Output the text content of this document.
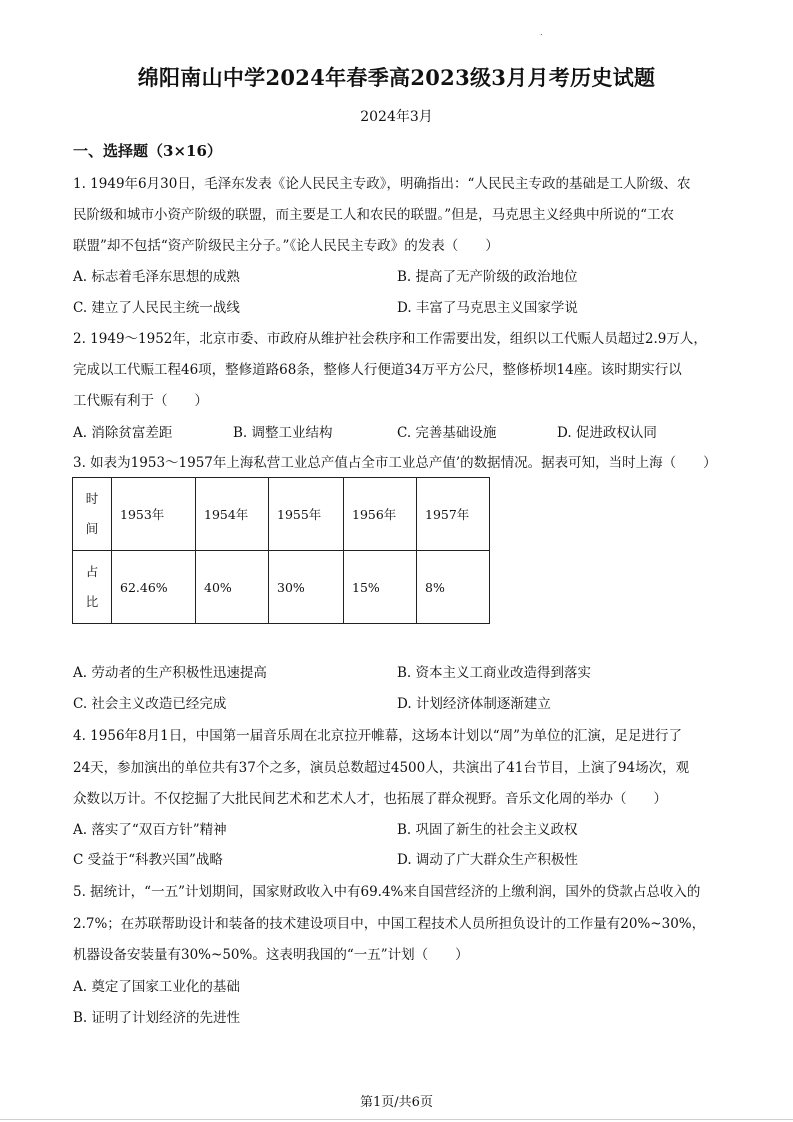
.
绵阳南山中学2024年春季高2023级3月月考历史试题
2024年3月
一、选择题（3×16）
1. 1949年6月30日，毛泽东发表《论人民民主专政》，明确指出：“人民民主专政的基础是工人阶级、农
民阶级和城市小资产阶级的联盟，而主要是工人和农民的联盟。”但是，马克思主义经典中所说的“工农
联盟”却不包括“资产阶级民主分子。”《论人民民主专政》的发表（　　）
A. 标志着毛泽东思想的成熟	B. 提高了无产阶级的政治地位
C. 建立了人民民主统一战线	D. 丰富了马克思主义国家学说
2. 1949～1952年，北京市委、市政府从维护社会秩序和工作需要出发，组织以工代赈人员超过2.9万人，
完成以工代赈工程46项，整修道路68条，整修人行便道34万平方公尺，整修桥坝14座。该时期实行以
工代赈有利于（　　）
A. 消除贫富差距	B. 调整工业结构	C. 完善基础设施	D. 促进政权认同
3. 如表为1953～1957年上海私营工业总产值占全市工业总产值’的数据情况。据表可知，当时上海（　　）
时
间	1953年	1954年	1955年	1956年	1957年

占
比	62.46%	40%	30%	15%	8%
A. 劳动者的生产积极性迅速提高	B. 资本主义工商业改造得到落实
C. 社会主义改造已经完成	D. 计划经济体制逐渐建立
4. 1956年8月1日，中国第一届音乐周在北京拉开帷幕，这场本计划以“周”为单位的汇演，足足进行了
24天，参加演出的单位共有37个之多，演员总数超过4500人，共演出了41台节目，上演了94场次，观
众数以万计。不仅挖掘了大批民间艺术和艺术人才，也拓展了群众视野。音乐文化周的举办（　　）
A. 落实了“双百方针”精神	B. 巩固了新生的社会主义政权
C 受益于“科教兴国”战略	D. 调动了广大群众生产积极性
5. 据统计，“一五”计划期间，国家财政收入中有69.4%来自国营经济的上缴利润，国外的贷款占总收入的
2.7%；在苏联帮助设计和装备的技术建设项目中，中国工程技术人员所担负设计的工作量有20%~30%，
机器设备安装量有30%~50%。这表明我国的“一五”计划（　　）
A. 奠定了国家工业化的基础
B. 证明了计划经济的先进性
第1页/共6页
